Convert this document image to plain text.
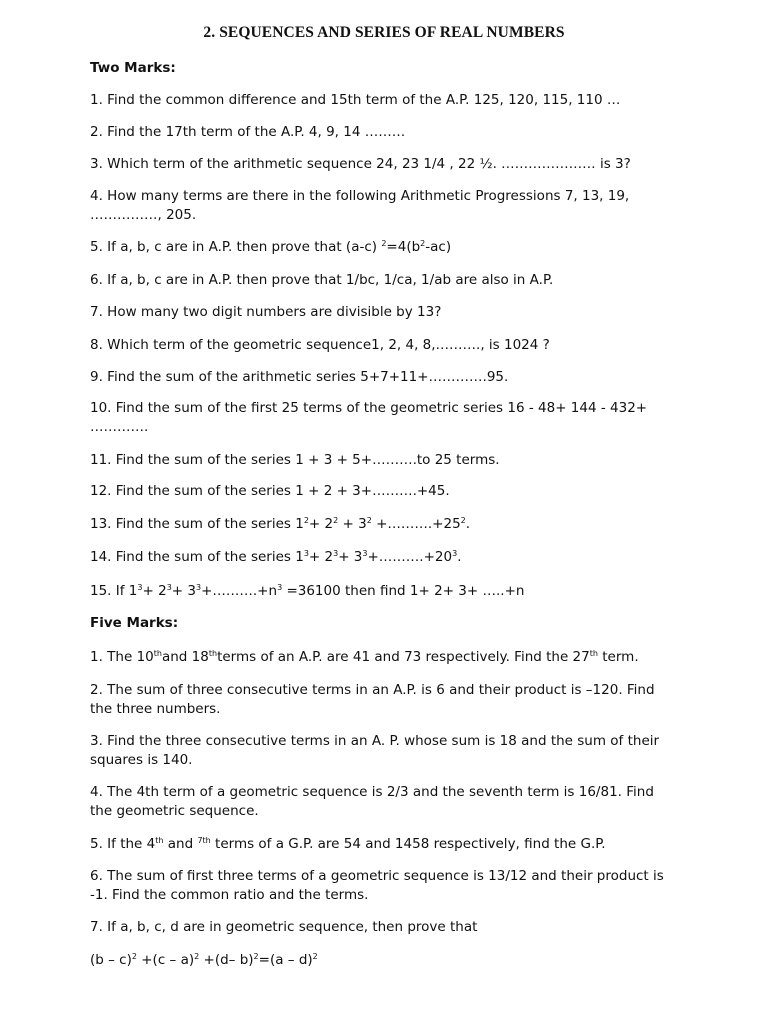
2. SEQUENCES AND SERIES OF REAL NUMBERS
Two Marks:
1. Find the common difference and 15th term of the A.P. 125, 120, 115, 110 …
2. Find the 17th term of the A.P. 4, 9, 14 ………
3. Which term of the arithmetic sequence 24, 23 1/4 , 22 ½. ………………… is 3?
4. How many terms are there in the following Arithmetic Progressions 7, 13, 19, ……………, 205.
5. If a, b, c are in A.P. then prove that (a-c) $^2=4(b^2-ac)$
6. If a, b, c are in A.P. then prove that 1/bc, 1/ca, 1/ab are also in A.P.
7. How many two digit numbers are divisible by 13?
8. Which term of the geometric sequence1, 2, 4, 8,………., is 1024 ?
9. Find the sum of the arithmetic series 5+7+11+………….95.
10. Find the sum of the first 25 terms of the geometric series 16 - 48+ 144 - 432+ ………….
11. Find the sum of the series 1 + 3 + 5+……….to 25 terms.
12. Find the sum of the series 1 + 2 + 3+……….+45.
13. Find the sum of the series $1^2+ 2^2 + 3^2$ $+\dots\dots\dots.+25^2$.
14. Find the sum of the series $1^3+ 2^3+$ $3^3+\dots\dots\dots.+20^3$.
15. If $1^3+ 2^3+$ $3^3+\dots\dots\dots.+n^3 =36100$ then find 1+ 2+ 3+ …..+n
Five Marks:
1. The 10thand 18thterms of an A.P. are 41 and 73 respectively. Find the 27th term.
2. The sum of three consecutive terms in an A.P. is 6 and their product is –120. Find the three numbers.
3. Find the three consecutive terms in an A. P. whose sum is 18 and the sum of their squares is 140.
4. The 4th term of a geometric sequence is 2/3 and the seventh term is 16/81. Find the geometric sequence.
5. If the 4th and $^{7th}$ terms of a G.P. are 54 and 1458 respectively, find the G.P.
6. The sum of first three terms of a geometric sequence is 13/12 and their product is -1. Find the common ratio and the terms.
7. If a, b, c, d are in geometric sequence, then prove that
(b – c)$^2$ +(c – a)$^2$ +(d– b)$^2$=(a – d)$^2$
